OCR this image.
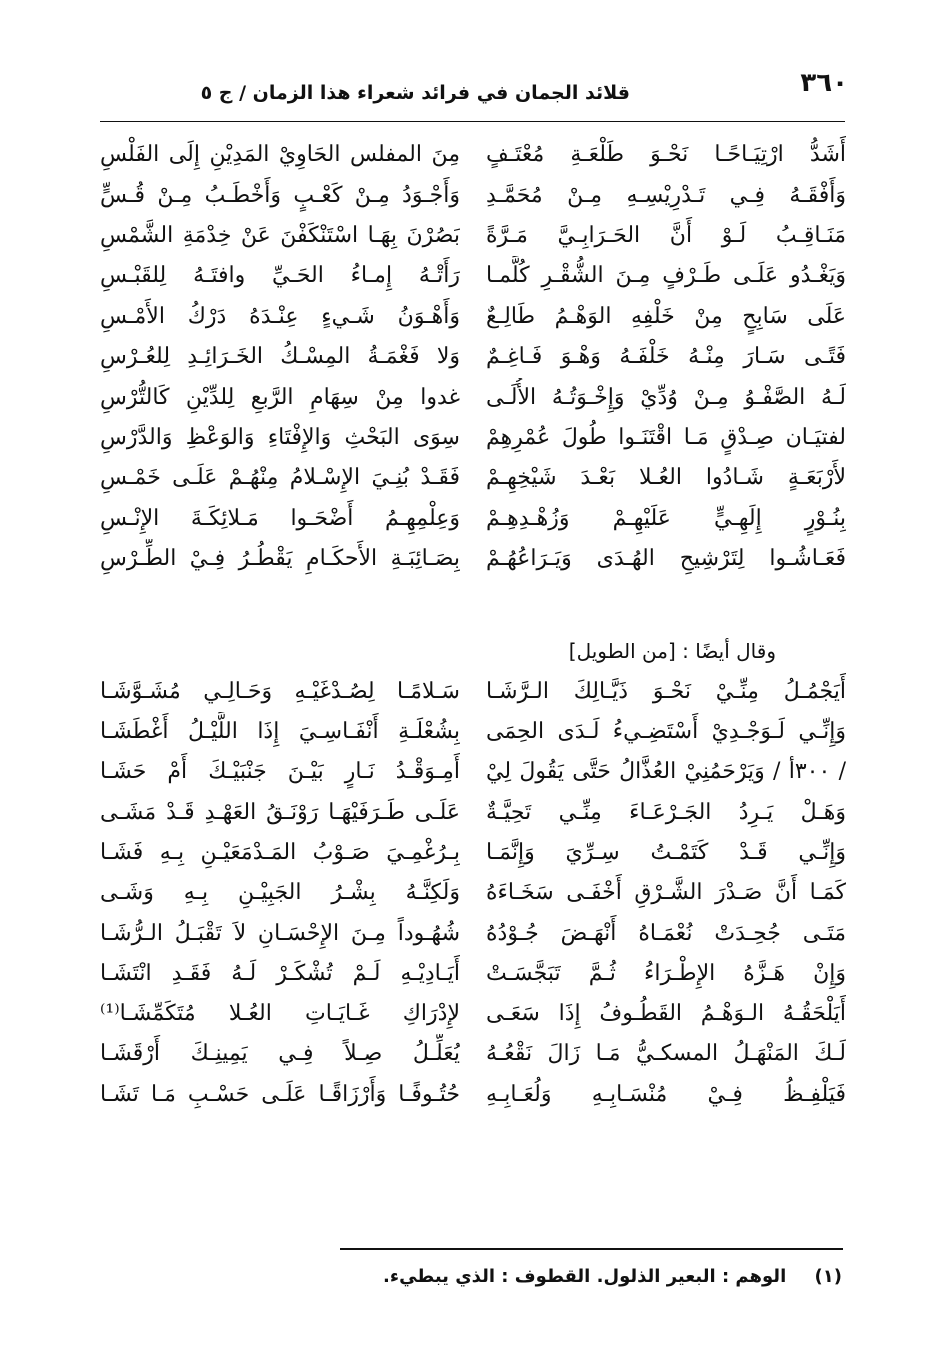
٣٦٠
قلائد الجمان في فرائد شعراء هذا الزمان / ج ٥
أَشَدُّ ارْتِيَـاحًـا نَحْـوَ طَلْعَـةِ مُعْتَـفٍ
وَأَفْقَـهُ فِـي تَـدْرِيْسِـهِ مِـنْ مُحَمَّـدِ
مَنَـاقِـبُ لَـوْ أَنَّ الحَـرَابِـيَّ مَـرَّةً
وَيَغْـدُو عَلَـى طَـرْفٍ مِـنَ الشُّقْـرِ كُلَّمـا
عَلَى سَابِحٍ مِنْ خَلْفِهِ الوَهْـمُ طَالِـعٌ
فَتًـى سَـارَ مِنْـهُ خَلْفَـهُ وَهْـوَ فَـاغِـمٌ
لَـهُ الصَّفْـوُ مِـنْ وُدِّيْ وَإِخْـوَتُـهُ الأُلَـى
لفتيَـان صِـدْقٍ مَـا اقْتَنَـوا طُولَ عُمْرِهِمْ
لأَرْبَعَـةٍ شَـادُوا العُـلا بَعْـدَ شَيْخِهِـمْ
بِنُـوْرٍ إِلَهِـيٍّ عَلَيْهِـمْ وَزُهْـدِهِـمْ
فَعَـاشُـوا لِتَرْشِيحِ الهُـدَى وَيَـرَاعُهُـمْ
وقال أيضًا : [من الطويل]
أَيَجْمُـلُ مِنِّـيْ نَحْـوَ ذَيَّـالِكَ الـرَّشَـا
وَإِنِّـي لَـوَجْـدِيْ أَسْتَضِـيءُ لَـدَى الحِمَى
/ ٣٠٠أ / وَيَرْحَمُنِيْ العُذَّالُ حَتَّى يَقُولَ لِيْ
وَهَـلْ يَـرِدُ الجَـرْعَـاءَ مِنِّـي تَحِيَّـةٌ
وَإِنِّـي قَـدْ كَتَمْـتُ سِـرِّيَ وَإِنَّمَـا
كَمَـا أَنَّ صَـدْرَ الشَّـرْقِ أَخْفَـى سَخَـاءَهُ
مَتَـى جُحِـدَتْ نُعْمَـاهُ أَنْهَـضَ جُـوْدُهُ
وَإِنْ هَـزَّهُ الإِطْـرَاءُ ثُـمَّ تَبَجَّسَـتْ
أَيَلْحَقُـهُ الـوَهْـمُ القَطُـوفُ إِذَا سَعَـى
لَـكَ المَنْهَـلُ المسكـيُّ مَـا زَالَ نَقْعُـهُ
فَيَلْفِـظُ فِـيْ مُنْسَـابِـهِ وَلُعَـابِـهِ
مِنَ المفلس الحَاوِيْ المَدِيْنِ إِلَى الفَلْسِ
وَأَجْـوَدُ مِـنْ كَعْـبٍ وَأَخْطَـبُ مِـنْ قُـسٍّ
بَصُرْنَ بِهَـا اسْتَنْكَفْنَ عَنْ خِدْمَةِ الشَّمْسِ
رَأَتْـهُ إِمـاءُ الحَـيِّ وافتَـهُ لِلقَبْـسِ
وَأَهْـوَنُ شَـيءٍ عِنْـدَهُ دَرْكُ الأَمْـسِ
وَلا فَغْمَـةُ المِسْـكُ الخَـرَائِـدِ لِلعُـرْسِ
غدوا مِنْ سِهَامِ الرَّبعِ لِلدِّيْنِ كَالتُّرْسِ
سِوَى البَحْثِ وَالإِفْتَاءِ وَالوَعْظِ وَالدَّرْسِ
فَقَـدْ بُنِـيَ الإِسْـلامُ مِنْهُـمْ عَلَـى خَمْـسِ
وَعِلْمِهِـمُ أَضْحَـوا مَـلائِكَـةَ الإِنْـسِ
بِصَـائِبَـةِ الأَحكَـامِ يَقْطُـرُ فِـيْ الطِّـرْسِ
سَـلامًـا لِصُـدْغَيْـهِ وَحَـالِـي مُشَـوَّشَـا
بِشُعْلَـةِ أَنْفَـاسِـيَ إِذَا اللَّيْـلُ أَغْطَشَـا
أَمِـوَقْـدُ نَـارٍ بَيْـنَ جَنْبَيْـكَ أَمْ حَشَـا
عَلَـى طَـرَفَيْهَـا رَوْنَـقُ العَهْـدِ قَـدْ مَشَـى
بِـرُغْمِـيَ صَـوْبُ المَـدْمَعَيْـنِ بِـهِ فَشَـا
وَلَكِنَّـهُ بِشْـرُ الجَبِيْـنِ بِـهِ وَشَـى
شُهُـوداً مِـنَ الإِحْسَـانِ لاَ تَقْبَـلُ الـرُّشَـا
أَيَـادِيْـهِ لَـمْ تُشْكَـرْ لَـهُ فَقَـدِ انْتَشَـا
لإِدْرَاكِ غَـايَـاتِ العُـلا مُتَكَمِّشَـا⁽¹⁾
يُعَلِّـلُ صِـلاً فِـي يَمِينِـكَ أَرْقَشَـا
حُتُـوفًـا وَأَرْزَاقًـا عَلَـى حَسْـبِ مَـا تَشَـا
(١) الوهم : البعير الذلول. القطوف : الذي يبطيء.
